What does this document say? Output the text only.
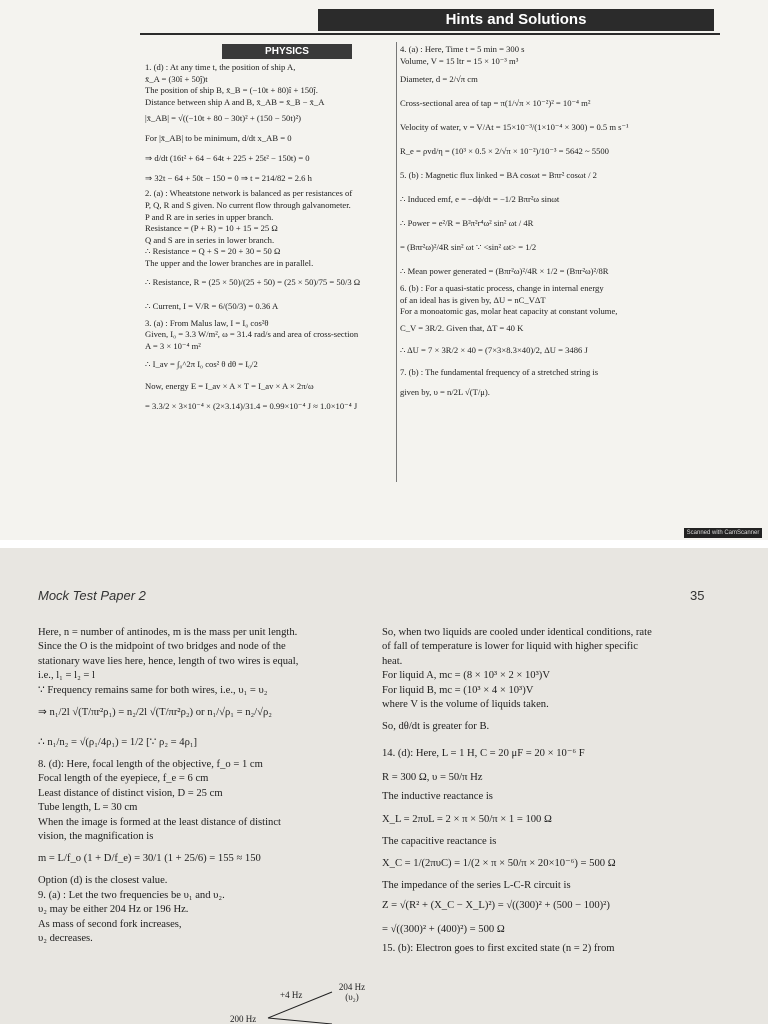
Hints and Solutions
PHYSICS
1. (d) : At any time t, the position of ship A,
x̄_A = (30î + 50ĵ)t
The position of ship B, x̄_B = (−10t + 80)î + 150ĵ.
Distance between ship A and B, x̄_AB = x̄_B − x̄_A
|x̄_AB| = √((−10t + 80 − 30t)² + (150 − 50t)²)
For |x̄_AB| to be minimum, d/dt x_AB = 0
⇒ d/dt (16t² + 64 − 64t + 225 + 25t² − 150t) = 0
⇒ 32t − 64 + 50t − 150 = 0 ⇒ t = 214/82 = 2.6 h
2. (a) : Wheatstone network is balanced as per resistances of
P, Q, R and S given. No current flow through galvanometer.
P and R are in series in upper branch.
Resistance = (P + R) = 10 + 15 = 25 Ω
Q and S are in series in lower branch.
∴ Resistance = Q + S = 20 + 30 = 50 Ω
The upper and the lower branches are in parallel.
∴ Resistance, R = (25 × 50)/(25 + 50) = (25 × 50)/75 = 50/3 Ω
∴ Current, I = V/R = 6/(50/3) = 0.36 A
3. (a) : From Malus law, I = I₀ cos²θ
Given, I₀ = 3.3 W/m², ω = 31.4 rad/s and area of cross-section
A = 3 × 10⁻⁴ m²
∴ I_av = ∫₀^2π I₀ cos² θ dθ = I₀/2
Now, energy E = I_av × A × T = I_av × A × 2π/ω
= 3.3/2 × 3×10⁻⁴ × (2×3.14)/31.4 = 0.99×10⁻⁴ J ≈ 1.0×10⁻⁴ J
4. (a) : Here, Time t = 5 min = 300 s
Volume, V = 15 ltr = 15 × 10⁻³ m³
Diameter, d = 2/√π cm
Cross-sectional area of tap = π(1/√π × 10⁻²)² = 10⁻⁴ m²
Velocity of water, v = V/At = 15×10⁻³/(1×10⁻⁴ × 300) = 0.5 m s⁻¹
R_e = ρvd/η = (10³ × 0.5 × 2/√π × 10⁻²)/10⁻³ = 5642 ~ 5500
5. (b) : Magnetic flux linked = BA cosωt = Bπr² cosωt / 2
∴ Induced emf, e = −dϕ/dt = −1/2 Bπr²ω sinωt
∴ Power = e²/R = B²π²r⁴ω² sin² ωt / 4R
= (Bπr²ω)²/4R sin² ωt ∵ <sin² ωt> = 1/2
∴ Mean power generated = (Bπr²ω)²/4R × 1/2 = (Bπr²ω)²/8R
6. (b) : For a quasi-static process, change in internal energy
of an ideal has is given by, ΔU = nC_VΔT
For a monoatomic gas, molar heat capacity at constant volume,
C_V = 3R/2. Given that, ΔT = 40 K
∴ ΔU = 7 × 3R/2 × 40 = (7×3×8.3×40)/2, ΔU = 3486 J
7. (b) : The fundamental frequency of a stretched string is
given by, υ = n/2L √(T/μ).
Scanned with CamScanner
Mock Test Paper 2	35
Here, n = number of antinodes, m is the mass per unit length.
Since the O is the midpoint of two bridges and node of the
stationary wave lies here, hence, length of two wires is equal,
i.e., l₁ = l₂ = l
∵ Frequency remains same for both wires, i.e., υ₁ = υ₂
⇒ n₁/2l √(T/πr²ρ₁) = n₂/2l √(T/πr²ρ₂) or n₁/√ρ₁ = n₂/√ρ₂
∴ n₁/n₂ = √(ρ₁/4ρ₁) = 1/2 [∵ ρ₂ = 4ρ₁]
8. (d): Here, focal length of the objective, f_o = 1 cm
Focal length of the eyepiece, f_e = 6 cm
Least distance of distinct vision, D = 25 cm
Tube length, L = 30 cm
When the image is formed at the least distance of distinct
vision, the magnification is
m = L/f_o (1 + D/f_e) = 30/1 (1 + 25/6) = 155 ≈ 150
Option (d) is the closest value.
9. (a) : Let the two frequencies be υ₁ and υ₂.
υ₂ may be either 204 Hz or 196 Hz.
As mass of second fork increases,
υ₂ decreases.
+4 Hz
204 Hz
(υ₂)
200 Hz
So, when two liquids are cooled under identical conditions, rate
of fall of temperature is lower for liquid with higher specific
heat.
For liquid A, mc = (8 × 10³ × 2 × 10³)V
For liquid B, mc = (10³ × 4 × 10³)V
where V is the volume of liquids taken.
So, dθ/dt is greater for B.
14. (d): Here, L = 1 H, C = 20 μF = 20 × 10⁻⁶ F
R = 300 Ω, υ = 50/π Hz
The inductive reactance is
X_L = 2πυL = 2 × π × 50/π × 1 = 100 Ω
The capacitive reactance is
X_C = 1/(2πυC) = 1/(2 × π × 50/π × 20×10⁻⁶) = 500 Ω
The impedance of the series L-C-R circuit is
Z = √(R² + (X_C − X_L)²) = √((300)² + (500 − 100)²)
= √((300)² + (400)²) = 500 Ω
15. (b): Electron goes to first excited state (n = 2) from
